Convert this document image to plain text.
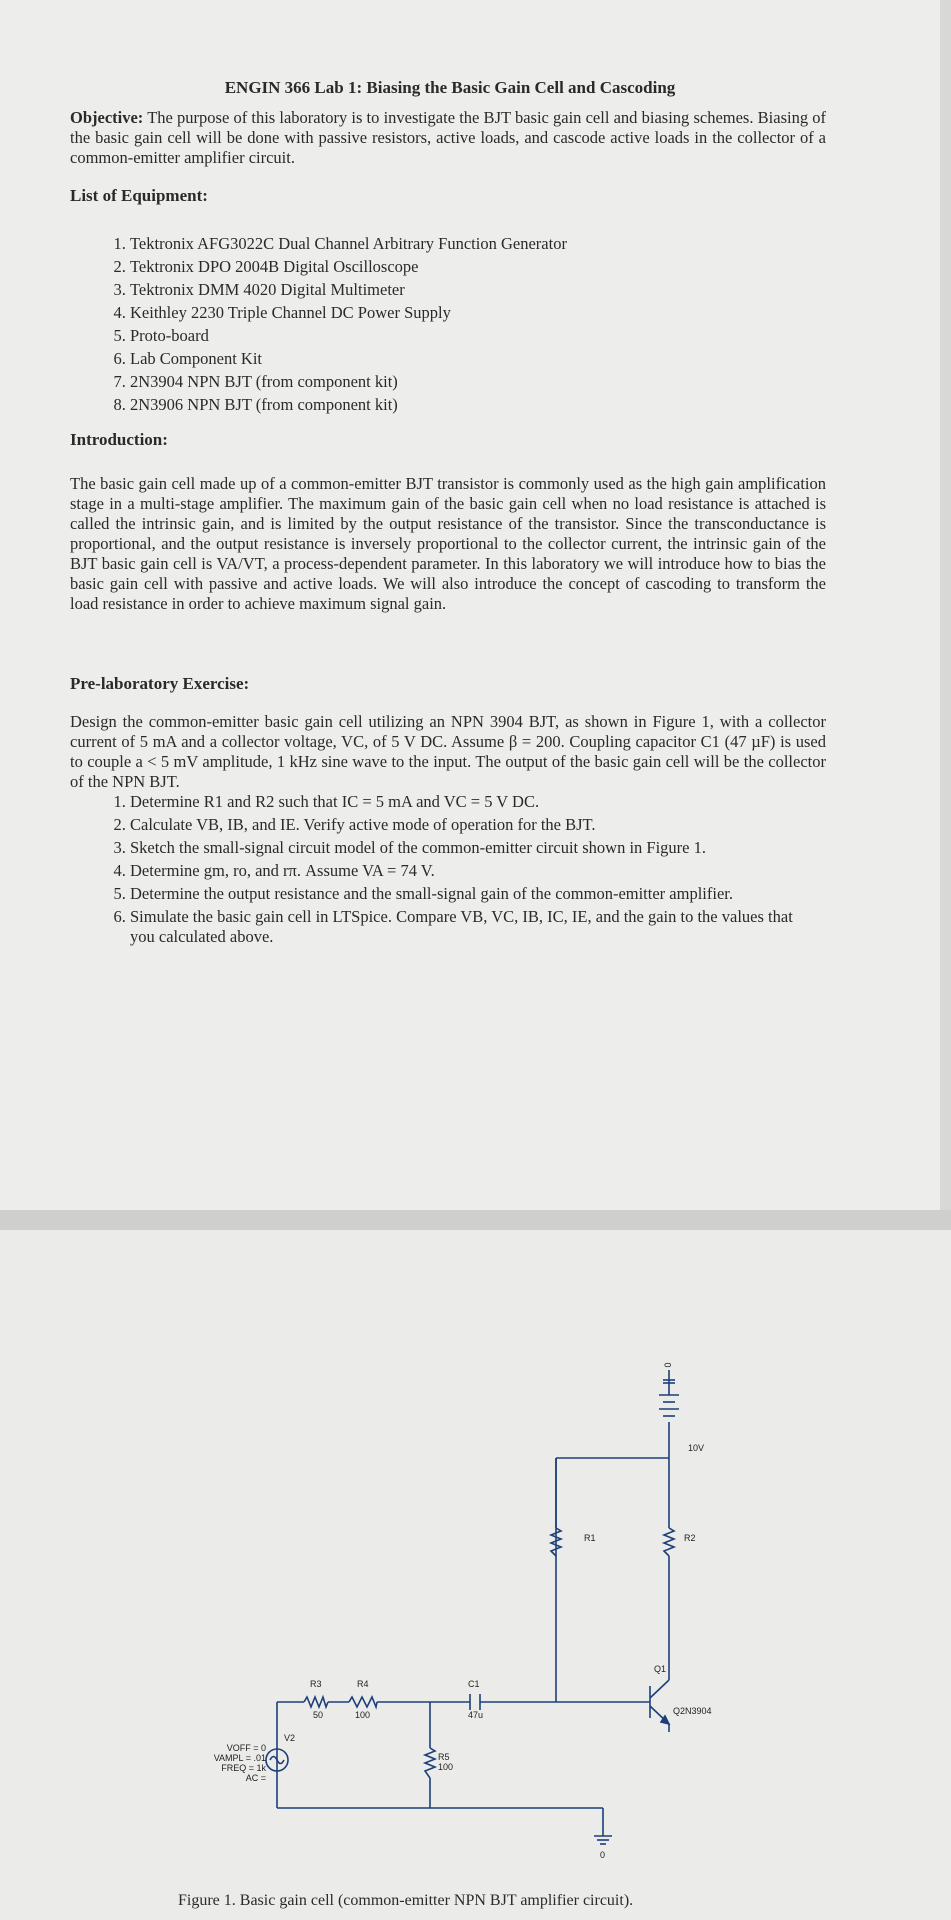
ENGIN 366 Lab 1: Biasing the Basic Gain Cell and Cascoding

Objective: The purpose of this laboratory is to investigate the BJT basic gain cell and biasing schemes. Biasing of the basic gain cell will be done with passive resistors, active loads, and cascode active loads in the collector of a common-emitter amplifier circuit.

List of Equipment:
1. Tektronix AFG3022C Dual Channel Arbitrary Function Generator
2. Tektronix DPO 2004B Digital Oscilloscope
3. Tektronix DMM 4020 Digital Multimeter
4. Keithley 2230 Triple Channel DC Power Supply
5. Proto-board
6. Lab Component Kit
7. 2N3904 NPN BJT (from component kit)
8. 2N3906 NPN BJT (from component kit)
Introduction:

The basic gain cell made up of a common-emitter BJT transistor is commonly used as the high gain amplification stage in a multi-stage amplifier. The maximum gain of the basic gain cell when no load resistance is attached is called the intrinsic gain, and is limited by the output resistance of the transistor. Since the transconductance is proportional, and the output resistance is inversely proportional to the collector current, the intrinsic gain of the BJT basic gain cell is VA/VT, a process-dependent parameter. In this laboratory we will introduce how to bias the basic gain cell with passive and active loads. We will also introduce the concept of cascoding to transform the load resistance in order to achieve maximum signal gain.

Pre-laboratory Exercise:

Design the common-emitter basic gain cell utilizing an NPN 3904 BJT, as shown in Figure 1, with a collector current of 5 mA and a collector voltage, VC, of 5 V DC. Assume β = 200. Coupling capacitor C1 (47 µF) is used to couple a < 5 mV amplitude, 1 kHz sine wave to the input. The output of the basic gain cell will be the collector of the NPN BJT.

1. Determine R1 and R2 such that IC = 5 mA and VC = 5 V DC.
2. Calculate VB, IB, and IE. Verify active mode of operation for the BJT.
3. Sketch the small-signal circuit model of the common-emitter circuit shown in Figure 1.
4. Determine gm, ro, and rπ. Assume VA = 74 V.
5. Determine the output resistance and the small-signal gain of the common-emitter amplifier.
6. Simulate the basic gain cell in LTSpice. Compare VB, VC, IB, IC, IE, and the gain to the values that you calculated above.
VOFF = 0
VAMPL = .01
FREQ = 1k
AC =
V2
R3
50
R4
100
R5
100
C1
47u
R1	R2
Q1
Q2N3904
10V
0
0
Figure 1. Basic gain cell (common-emitter NPN BJT amplifier circuit).
